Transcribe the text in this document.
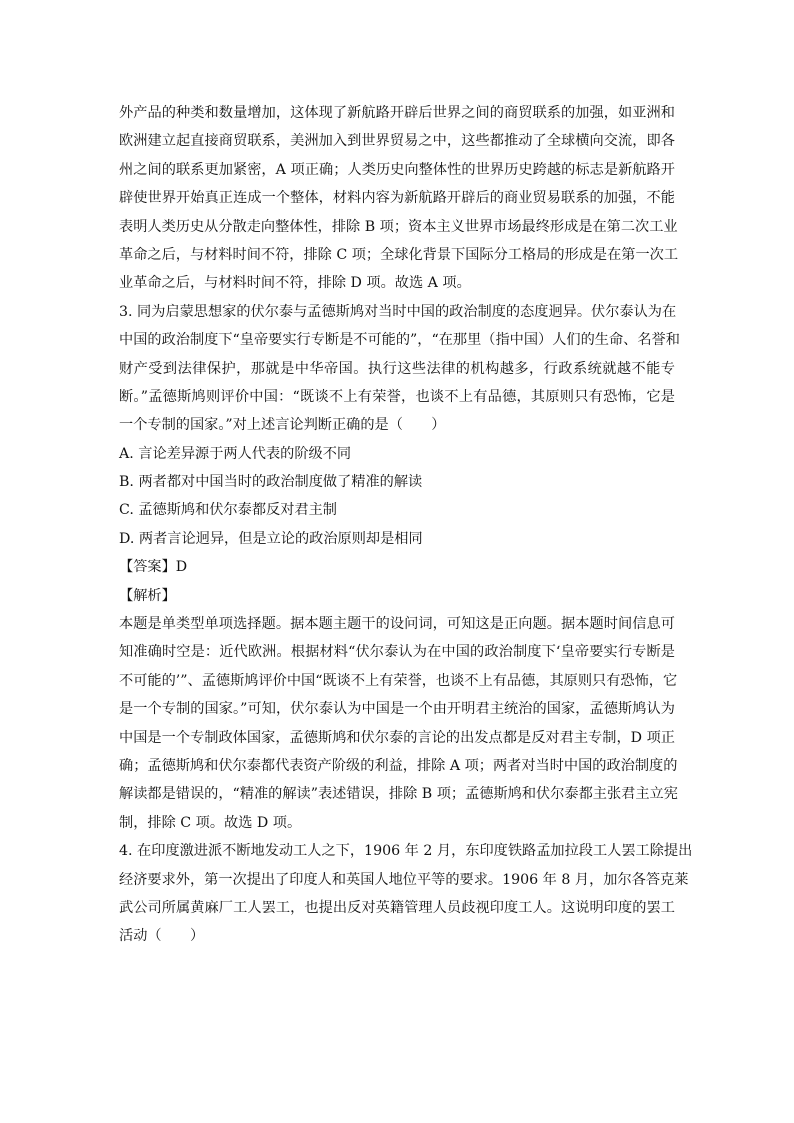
外产品的种类和数量增加，这体现了新航路开辟后世界之间的商贸联系的加强，如亚洲和
欧洲建立起直接商贸联系，美洲加入到世界贸易之中，这些都推动了全球横向交流，即各
州之间的联系更加紧密，A 项正确；人类历史向整体性的世界历史跨越的标志是新航路开
辟使世界开始真正连成一个整体，材料内容为新航路开辟后的商业贸易联系的加强，不能
表明人类历史从分散走向整体性，排除 B 项；资本主义世界市场最终形成是在第二次工业
革命之后，与材料时间不符，排除 C 项；全球化背景下国际分工格局的形成是在第一次工
业革命之后，与材料时间不符，排除 D 项。故选 A 项。
3. 同为启蒙思想家的伏尔泰与孟德斯鸠对当时中国的政治制度的态度迥异。伏尔泰认为在
中国的政治制度下“皇帝要实行专断是不可能的”，“在那里（指中国）人们的生命、名誉和
财产受到法律保护，那就是中华帝国。执行这些法律的机构越多，行政系统就越不能专
断。”孟德斯鸠则评价中国：“既谈不上有荣誉，也谈不上有品德，其原则只有恐怖，它是
一个专制的国家。”对上述言论判断正确的是（　　）
A. 言论差异源于两人代表的阶级不同
B. 两者都对中国当时的政治制度做了精准的解读
C. 孟德斯鸠和伏尔泰都反对君主制
D. 两者言论迥异，但是立论的政治原则却是相同
【答案】D
【解析】
本题是单类型单项选择题。据本题主题干的设问词，可知这是正向题。据本题时间信息可
知准确时空是：近代欧洲。根据材料“伏尔泰认为在中国的政治制度下‘皇帝要实行专断是
不可能的’”、孟德斯鸠评价中国“既谈不上有荣誉，也谈不上有品德，其原则只有恐怖，它
是一个专制的国家。”可知，伏尔泰认为中国是一个由开明君主统治的国家，孟德斯鸠认为
中国是一个专制政体国家，孟德斯鸠和伏尔泰的言论的出发点都是反对君主专制，D 项正
确；孟德斯鸠和伏尔泰都代表资产阶级的利益，排除 A 项；两者对当时中国的政治制度的
解读都是错误的，“精准的解读”表述错误，排除 B 项；孟德斯鸠和伏尔泰都主张君主立宪
制，排除 C 项。故选 D 项。
4. 在印度激进派不断地发动工人之下，1906 年 2 月，东印度铁路孟加拉段工人罢工除提出
经济要求外，第一次提出了印度人和英国人地位平等的要求。1906 年 8 月，加尔各答克莱
武公司所属黄麻厂工人罢工，也提出反对英籍管理人员歧视印度工人。这说明印度的罢工
活动（　　）
